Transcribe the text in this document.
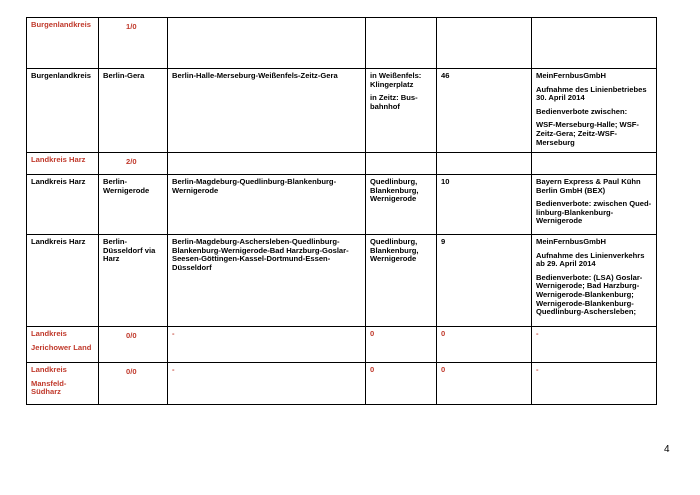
Burgenlandkreis	1/0				
Burgenlandkreis	Berlin-Gera	Berlin-Halle-Merseburg-Weißenfels-Zeitz-Gera	in Weißenfels: Klingerplatz
in Zeitz: Bus-bahnhof	46	MeinFernbusGmbH
Aufnahme des Linienbetriebes 30. April 2014
Bedienverbote zwischen:
WSF-Merseburg-Halle; WSF-Zeitz-Gera; Zeitz-WSF-Merseburg

Landkreis Harz	2/0				
Landkreis Harz	Berlin-Wernigerode	Berlin-Magdeburg-Quedlinburg-Blankenburg-Wernigerode	Quedlinburg, Blankenburg, Wernigerode	10	Bayern Express & Paul Kühn Berlin GmbH (BEX)
Bedienverbote: zwischen Qued-linburg-Blankenburg-Wernigerode

Landkreis Harz	Berlin-Düsseldorf via Harz	Berlin-Magdeburg-Aschersleben-Quedlinburg-Blankenburg-Wernigerode-Bad Harzburg-Goslar-Seesen-Göttingen-Kassel-Dortmund-Essen-Düsseldorf	Quedlinburg, Blankenburg, Wernigerode	9	MeinFernbusGmbH
Aufnahme des Linienverkehrs ab 29. April 2014
Bedienverbote: (LSA) Goslar-Wernigerode; Bad Harzburg-Wernigerode-Blankenburg; Wernigerode-Blankenburg-Quedlinburg-Aschersleben;

Landkreis
Jerichower Land	0/0	-	0	0	-

Landkreis
Mansfeld-Südharz	0/0	-	0	0	-
4
